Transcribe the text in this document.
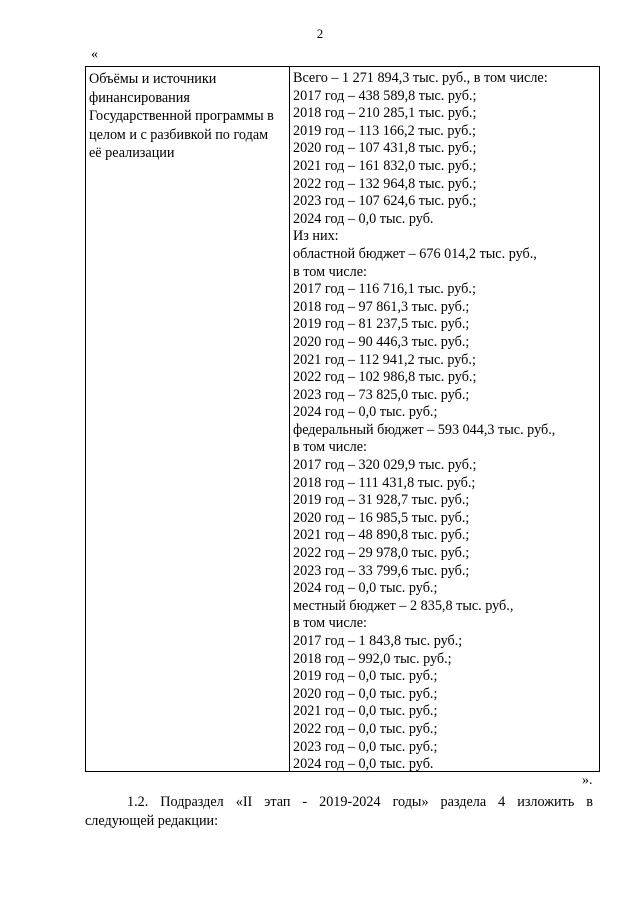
2
«
Объёмы и источники
финансирования
Государственной программы в
целом и с разбивкой по годам
её реализации
Всего – 1 271 894,3 тыс. руб., в том числе:
2017 год – 438 589,8 тыс. руб.;
2018 год – 210 285,1 тыс. руб.;
2019 год – 113 166,2 тыс. руб.;
2020 год – 107 431,8 тыс. руб.;
2021 год – 161 832,0 тыс. руб.;
2022 год – 132 964,8 тыс. руб.;
2023 год – 107 624,6 тыс. руб.;
2024 год – 0,0 тыс. руб.
Из них:
областной бюджет – 676 014,2 тыс. руб.,
в том числе:
2017 год – 116 716,1 тыс. руб.;
2018 год – 97 861,3 тыс. руб.;
2019 год – 81 237,5 тыс. руб.;
2020 год – 90 446,3 тыс. руб.;
2021 год – 112 941,2 тыс. руб.;
2022 год – 102 986,8 тыс. руб.;
2023 год – 73 825,0 тыс. руб.;
2024 год – 0,0 тыс. руб.;
федеральный бюджет – 593 044,3 тыс. руб.,
в том числе:
2017 год – 320 029,9 тыс. руб.;
2018 год – 111 431,8 тыс. руб.;
2019 год – 31 928,7 тыс. руб.;
2020 год – 16 985,5 тыс. руб.;
2021 год – 48 890,8 тыс. руб.;
2022 год – 29 978,0 тыс. руб.;
2023 год – 33 799,6 тыс. руб.;
2024 год – 0,0 тыс. руб.;
местный бюджет – 2 835,8 тыс. руб.,
в том числе:
2017 год – 1 843,8 тыс. руб.;
2018 год – 992,0 тыс. руб.;
2019 год – 0,0 тыс. руб.;
2020 год – 0,0 тыс. руб.;
2021 год – 0,0 тыс. руб.;
2022 год – 0,0 тыс. руб.;
2023 год – 0,0 тыс. руб.;
2024 год – 0,0 тыс. руб.
».
1.2. Подраздел «II этап - 2019-2024 годы» раздела 4 изложить в
следующей редакции:
